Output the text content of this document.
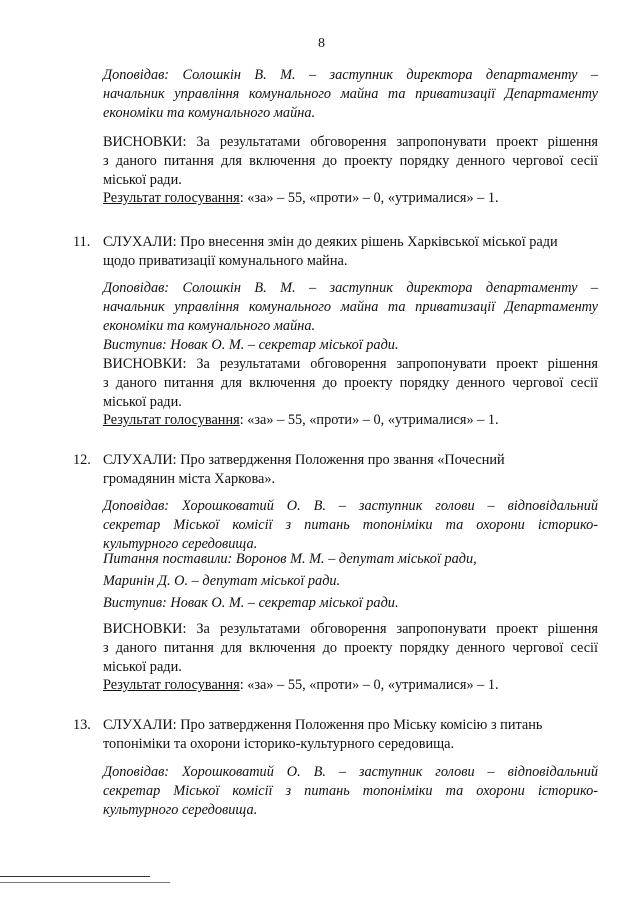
8
Доповідав: Солошкін В. М. – заступник директора департаменту –
начальник управління комунального майна та приватизації Департаменту
економіки та комунального майна.
ВИСНОВКИ: За результатами обговорення запропонувати проект рішення
з даного питання для включення до проекту порядку денного чергової сесії
міської ради.
Результат голосування: «за» – 55, «проти» – 0, «утрималися» – 1.
11. СЛУХАЛИ: Про внесення змін до деяких рішень Харківської міської ради
щодо приватизації комунального майна.
Доповідав: Солошкін В. М. – заступник директора департаменту –
начальник управління комунального майна та приватизації Департаменту
економіки та комунального майна.
Виступив: Новак О. М. – секретар міської ради.
ВИСНОВКИ: За результатами обговорення запропонувати проект рішення
з даного питання для включення до проекту порядку денного чергової сесії
міської ради.
Результат голосування: «за» – 55, «проти» – 0, «утрималися» – 1.
12. СЛУХАЛИ: Про затвердження Положення про звання «Почесний
громадянин міста Харкова».
Доповідав: Хорошковатий О. В. – заступник голови – відповідальний
секретар Міської комісії з питань топоніміки та охорони історико-
культурного середовища.
Питання поставили: Воронов М. М. – депутат міської ради,
Маринін Д. О. – депутат міської ради.
Виступив: Новак О. М. – секретар міської ради.
ВИСНОВКИ: За результатами обговорення запропонувати проект рішення
з даного питання для включення до проекту порядку денного чергової сесії
міської ради.
Результат голосування: «за» – 55, «проти» – 0, «утрималися» – 1.
13. СЛУХАЛИ: Про затвердження Положення про Міську комісію з питань
топоніміки та охорони історико-культурного середовища.
Доповідав: Хорошковатий О. В. – заступник голови – відповідальний
секретар Міської комісії з питань топоніміки та охорони історико-
культурного середовища.
